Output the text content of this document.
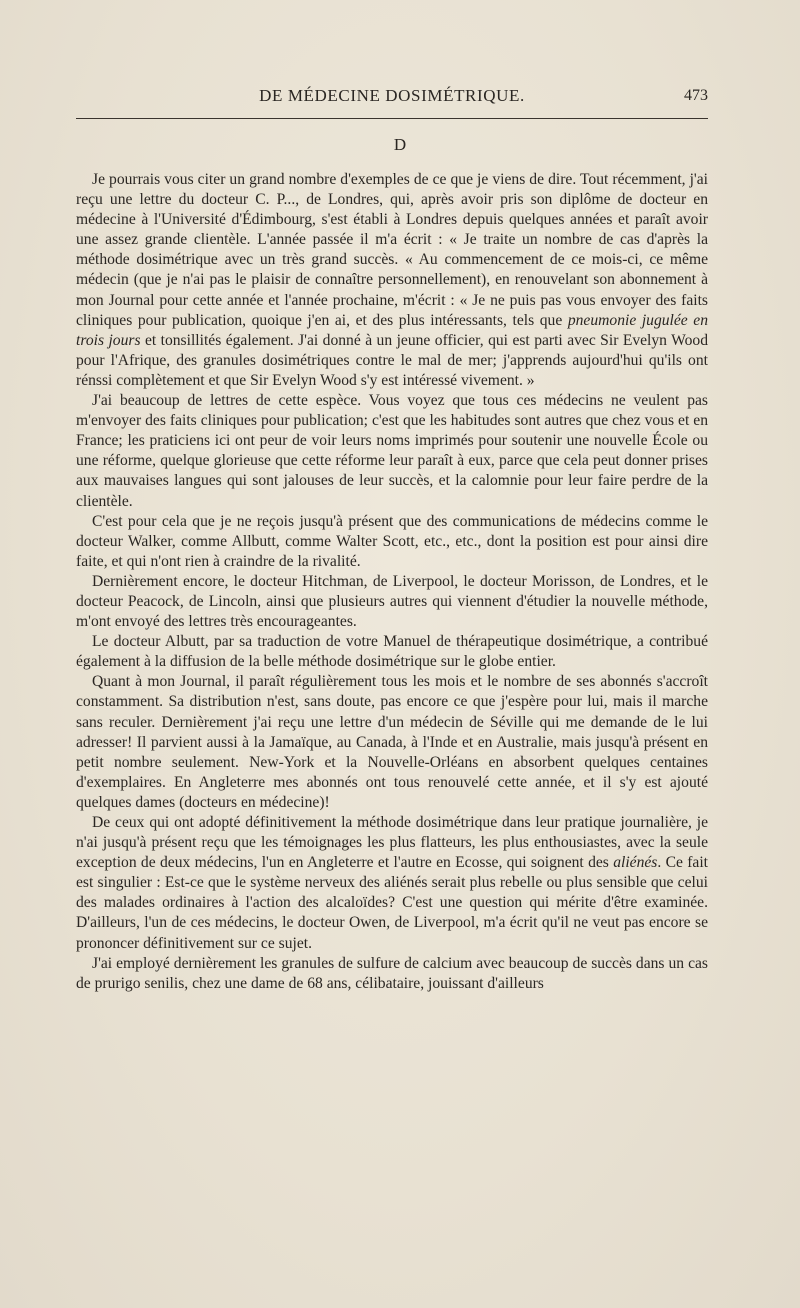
DE MÉDECINE DOSIMÉTRIQUE.	473
D

Je pourrais vous citer un grand nombre d'exemples de ce que je viens de dire. Tout récemment, j'ai reçu une lettre du docteur C. P..., de Londres, qui, après avoir pris son diplôme de docteur en médecine à l'Université d'Édimbourg, s'est établi à Londres depuis quelques années et paraît avoir une assez grande clientèle. L'année passée il m'a écrit : « Je traite un nombre de cas d'après la méthode dosimétrique avec un très grand succès. « Au commencement de ce mois-ci, ce même médecin (que je n'ai pas le plaisir de connaître personnellement), en renouvelant son abonnement à mon Journal pour cette année et l'année prochaine, m'écrit : « Je ne puis pas vous envoyer des faits cliniques pour publication, quoique j'en ai, et des plus intéressants, tels que pneumonie jugulée en trois jours et tonsillités également. J'ai donné à un jeune officier, qui est parti avec Sir Evelyn Wood pour l'Afrique, des granules dosimétriques contre le mal de mer; j'apprends aujourd'hui qu'ils ont rénssi complètement et que Sir Evelyn Wood s'y est intéressé vivement. »

J'ai beaucoup de lettres de cette espèce. Vous voyez que tous ces médecins ne veulent pas m'envoyer des faits cliniques pour publication; c'est que les habitudes sont autres que chez vous et en France; les praticiens ici ont peur de voir leurs noms imprimés pour soutenir une nouvelle École ou une réforme, quelque glorieuse que cette réforme leur paraît à eux, parce que cela peut donner prises aux mauvaises langues qui sont jalouses de leur succès, et la calomnie pour leur faire perdre de la clientèle.

C'est pour cela que je ne reçois jusqu'à présent que des communications de médecins comme le docteur Walker, comme Allbutt, comme Walter Scott, etc., etc., dont la position est pour ainsi dire faite, et qui n'ont rien à craindre de la rivalité.

Dernièrement encore, le docteur Hitchman, de Liverpool, le docteur Morisson, de Londres, et le docteur Peacock, de Lincoln, ainsi que plusieurs autres qui viennent d'étudier la nouvelle méthode, m'ont envoyé des lettres très encourageantes.

Le docteur Albutt, par sa traduction de votre Manuel de thérapeutique dosimétrique, a contribué également à la diffusion de la belle méthode dosimétrique sur le globe entier.

Quant à mon Journal, il paraît régulièrement tous les mois et le nombre de ses abonnés s'accroît constamment. Sa distribution n'est, sans doute, pas encore ce que j'espère pour lui, mais il marche sans reculer. Dernièrement j'ai reçu une lettre d'un médecin de Séville qui me demande de le lui adresser! Il parvient aussi à la Jamaïque, au Canada, à l'Inde et en Australie, mais jusqu'à présent en petit nombre seulement. New-York et la Nouvelle-Orléans en absorbent quelques centaines d'exemplaires. En Angleterre mes abonnés ont tous renouvelé cette année, et il s'y est ajouté quelques dames (docteurs en médecine)!

De ceux qui ont adopté définitivement la méthode dosimétrique dans leur pratique journalière, je n'ai jusqu'à présent reçu que les témoignages les plus flatteurs, les plus enthousiastes, avec la seule exception de deux médecins, l'un en Angleterre et l'autre en Ecosse, qui soignent des aliénés. Ce fait est singulier : Est-ce que le système nerveux des aliénés serait plus rebelle ou plus sensible que celui des malades ordinaires à l'action des alcaloïdes? C'est une question qui mérite d'être examinée. D'ailleurs, l'un de ces médecins, le docteur Owen, de Liverpool, m'a écrit qu'il ne veut pas encore se prononcer définitivement sur ce sujet.

J'ai employé dernièrement les granules de sulfure de calcium avec beaucoup de succès dans un cas de prurigo senilis, chez une dame de 68 ans, célibataire, jouissant d'ailleurs
